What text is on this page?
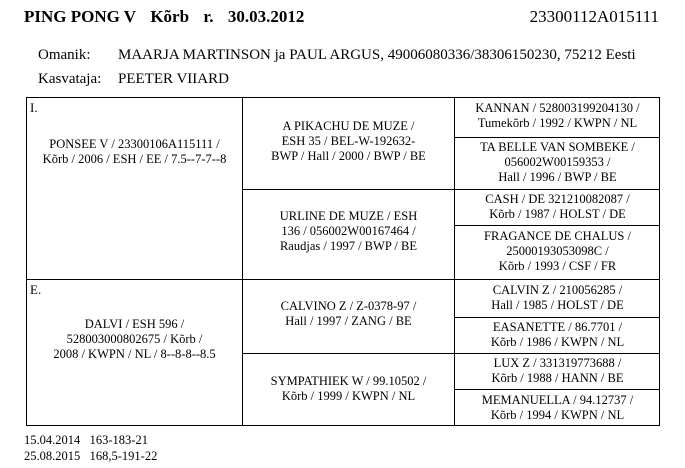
PING PONG V Kõrb r. 30.03.2012	23300112A015111
Omanik: MAARJA MARTINSON ja PAUL ARGUS, 49006080336/38306150230, 75212 Eesti
Kasvataja: PEETER VIIARD
I.
PONSEE V / 23300106A115111 /
Kõrb / 2006 / ESH / EE / 7.5--7-7--8
E.
DALVI / ESH 596 /
528003000802675 / Kõrb /
2008 / KWPN / NL / 8--8-8--8.5
A PIKACHU DE MUZE /
ESH 35 / BEL-W-192632-
BWP / Hall / 2000 / BWP / BE
URLINE DE MUZE / ESH
136 / 056002W00167464 /
Raudjas / 1997 / BWP / BE
CALVINO Z / Z-0378-97 /
Hall / 1997 / ZANG / BE
SYMPATHIEK W / 99.10502 /
Kõrb / 1999 / KWPN / NL
KANNAN / 528003199204130 /
Tumekõrb / 1992 / KWPN / NL
TA BELLE VAN SOMBEKE /
056002W00159353 /
Hall / 1996 / BWP / BE
CASH / DE 321210082087 /
Kõrb / 1987 / HOLST / DE
FRAGANCE DE CHALUS /
25000193053098C /
Kõrb / 1993 / CSF / FR
CALVIN Z / 210056285 /
Hall / 1985 / HOLST / DE
EASANETTE / 86.7701 /
Kõrb / 1986 / KWPN / NL
LUX Z / 331319773688 /
Kõrb / 1988 / HANN / BE
MEMANUELLA / 94.12737 /
Kõrb / 1994 / KWPN / NL
15.04.2014 163-183-21
25.08.2015 168,5-191-22
